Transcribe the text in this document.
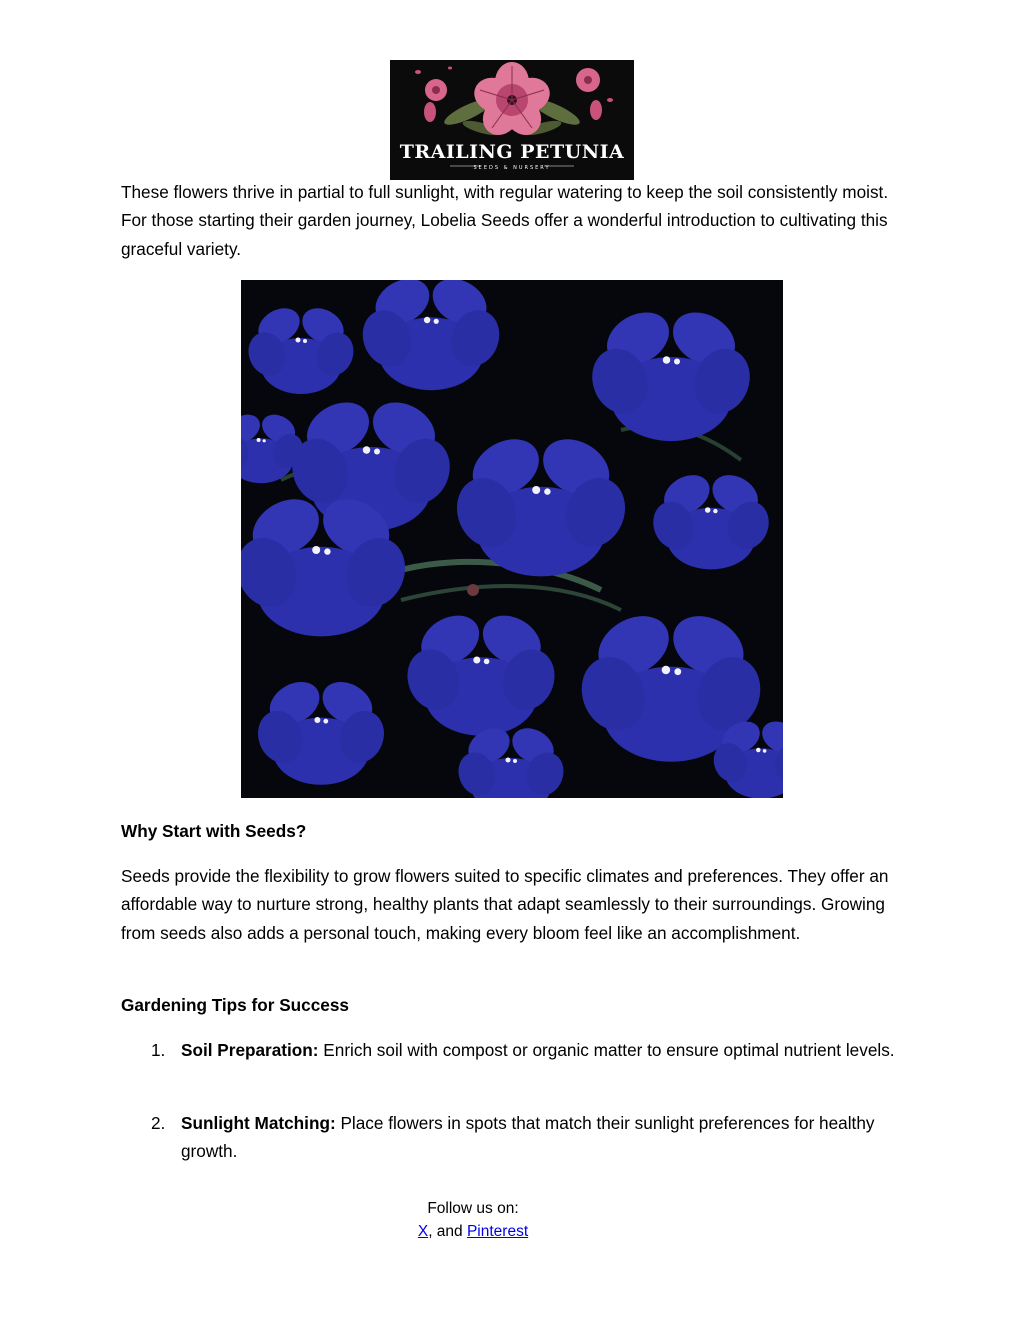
TRAILING PETUNIA
SEEDS & NURSERY

These flowers thrive in partial to full sunlight, with regular watering to keep the soil consistently moist. For those starting their garden journey, Lobelia Seeds offer a wonderful introduction to cultivating this graceful variety.

Why Start with Seeds?

Seeds provide the flexibility to grow flowers suited to specific climates and preferences. They offer an affordable way to nurture strong, healthy plants that adapt seamlessly to their surroundings. Growing from seeds also adds a personal touch, making every bloom feel like an accomplishment.

Gardening Tips for Success
1. Soil Preparation: Enrich soil with compost or organic matter to ensure optimal nutrient levels.
2. Sunlight Matching: Place flowers in spots that match their sunlight preferences for healthy growth.
Follow us on:
X, and Pinterest
